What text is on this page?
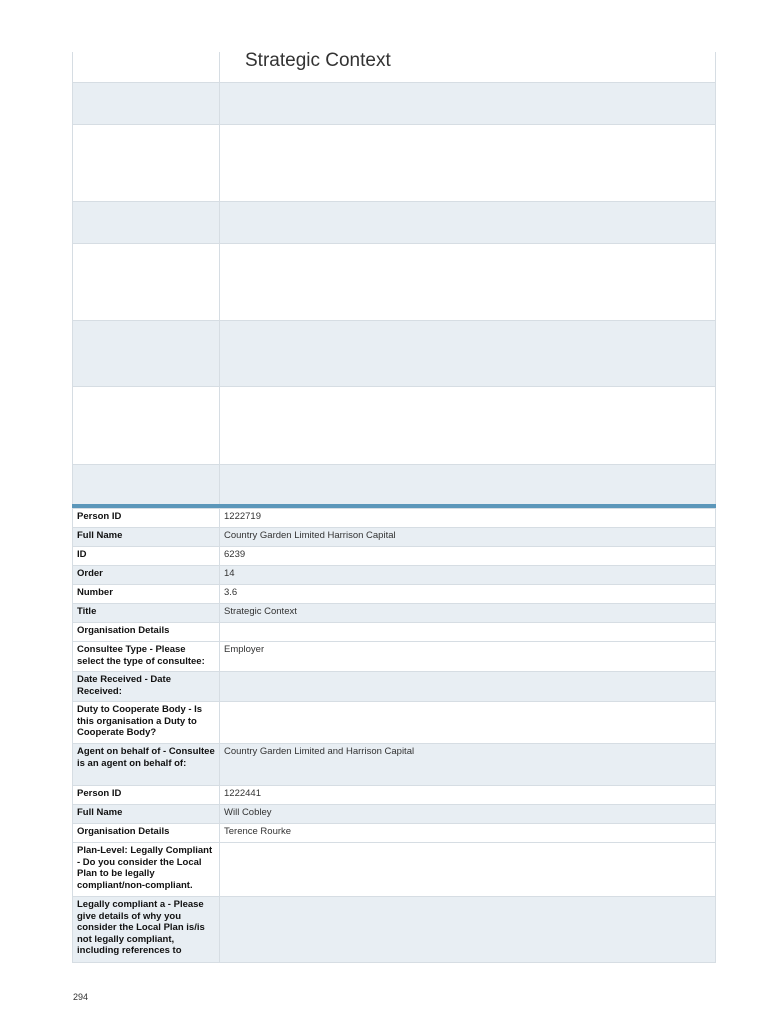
	Strategic Context

Person ID	1222719
Full Name	Country Garden Limited Harrison Capital
ID	6239
Order	14
Number	3.6
Title	Strategic Context
Organisation Details	
Consultee Type - Please select the type of consultee:	Employer
Date Received - Date Received:	
Duty to Cooperate Body - Is this organisation a Duty to Cooperate Body?	
Agent on behalf of - Consultee is an agent on behalf of:	Country Garden Limited and Harrison Capital
Person ID	1222441
Full Name	Will Cobley
Organisation Details	Terence Rourke
Plan-Level: Legally Compliant - Do you consider the Local Plan to be legally compliant/non-compliant.	
Legally compliant a - Please give details of why you consider the Local Plan is/is not legally compliant, including references to	
294
